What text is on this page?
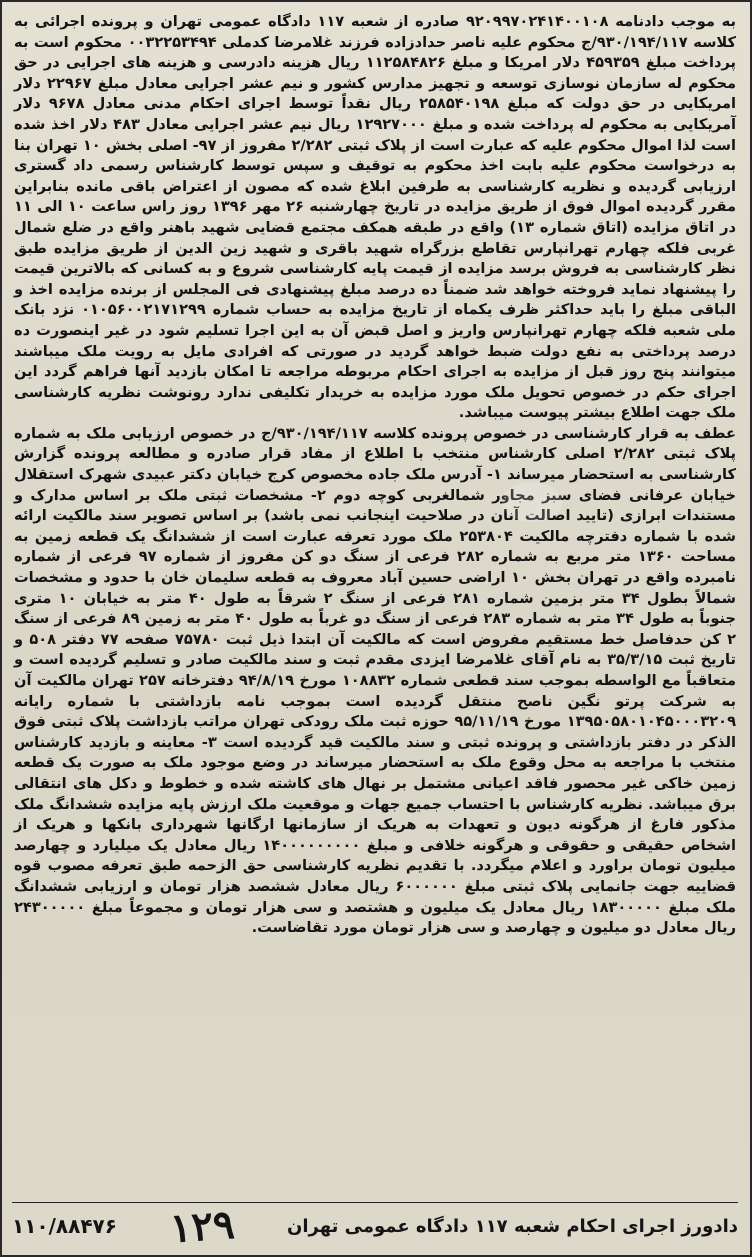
به موجب دادنامه ۹۲۰۹۹۷۰۲۴۱۴۰۰۱۰۸ صادره از شعبه ۱۱۷ دادگاه عمومی تهران و پرونده اجرائی به کلاسه ۹۳۰/۱۹۴/۱۱۷/ج محکوم علیه ناصر حدادزاده فرزند غلامرضا کدملی ۰۰۳۲۲۵۳۴۹۴ محکوم است به پرداخت مبلغ ۴۵۹۳۵۹ دلار امریکا و مبلغ ۱۱۲۵۸۴۸۲۶ ریال هزینه دادرسی و هزینه های اجرایی در حق محکوم له سازمان نوسازی توسعه و تجهیز مدارس کشور و نیم عشر اجرایی معادل مبلغ ۲۲۹۶۷ دلار امریکایی در حق دولت که مبلغ ۲۵۸۵۴۰۱۹۸ ریال نقداً توسط اجرای احکام مدنی معادل ۹۶۷۸ دلار آمریکایی به محکوم له پرداخت شده و مبلغ ۱۲۹۲۷۰۰۰ ریال نیم عشر اجرایی معادل ۴۸۳ دلار اخذ شده است لذا اموال محکوم علیه که عبارت است از پلاک ثبتی ۲/۲۸۲ مفروز از ۹۷- اصلی بخش ۱۰ تهران بنا به درخواست محکوم علیه بابت اخذ محکوم به توقیف و سپس توسط کارشناس رسمی داد گستری ارزیابی گردیده و نظریه کارشناسی به طرفین ابلاغ شده که مصون از اعتراض باقی مانده بنابراین مقرر گردیده اموال فوق از طریق مزایده در تاریخ چهارشنبه ۲۶ مهر ۱۳۹۶ روز راس ساعت ۱۰ الی ۱۱ در اتاق مزایده (اتاق شماره ۱۳) واقع در طبقه همکف مجتمع قضایی شهید باهنر واقع در ضلع شمال غربی فلکه چهارم تهرانپارس تقاطع بزرگراه شهید باقری و شهید زین الدین از طریق مزایده طبق نظر کارشناسی به فروش برسد مزایده از قیمت پایه کارشناسی شروع و به کسانی که بالاترین قیمت را پیشنهاد نماید فروخته خواهد شد ضمناً ده درصد مبلغ پیشنهادی فی المجلس از برنده مزایده اخذ و الباقی مبلغ را باید حداکثر ظرف یکماه از تاریخ مزایده به حساب شماره ۰۱۰۵۶۰۰۲۱۷۱۲۹۹ نزد بانک ملی شعبه فلکه چهارم تهرانپارس واریز و اصل قبض آن به این اجرا تسلیم شود در غیر اینصورت ده درصد پرداختی به نفع دولت ضبط خواهد گردید در صورتی که افرادی مایل به رویت ملک میباشند میتوانند پنج روز قبل از مزایده به اجرای احکام مربوطه مراجعه تا امکان بازدید آنها فراهم گردد این اجرای حکم در خصوص تحویل ملک مورد مزایده به خریدار تکلیفی ندارد رونوشت نظریه کارشناسی ملک جهت اطلاع بیشتر پیوست میباشد.

عطف به قرار کارشناسی در خصوص پرونده کلاسه ۹۳۰/۱۹۴/۱۱۷/ج در خصوص ارزیابی ملک به شماره پلاک ثبتی ۲/۲۸۲ اصلی کارشناس منتخب با اطلاع از مفاد قرار صادره و مطالعه پرونده گزارش کارشناسی به استحضار میرساند ۱- آدرس ملک جاده مخصوص کرج خیابان دکتر عبیدی شهرک استقلال خیابان عرفانی فضای سبز مجاور شمالغربی کوچه دوم ۲- مشخصات ثبتی ملک بر اساس مدارک و مستندات ابرازی (تایید اصالت آنان در صلاحیت اینجانب نمی باشد) بر اساس تصویر سند مالکیت ارائه شده با شماره دفترچه مالکیت ۲۵۳۸۰۴ ملک مورد تعرفه عبارت است از ششدانگ یک قطعه زمین به مساحت ۱۳۶۰ متر مربع به شماره ۲۸۲ فرعی از سنگ دو کن مفروز از شماره ۹۷ فرعی از شماره نامبرده واقع در تهران بخش ۱۰ اراضی حسین آباد معروف به قطعه سلیمان خان با حدود و مشخصات شمالاً بطول ۳۴ متر بزمین شماره ۲۸۱ فرعی از سنگ ۲ شرقاً به طول ۴۰ متر به خیابان ۱۰ متری جنوباً به طول ۳۴ متر به شماره ۲۸۳ فرعی از سنگ دو غرباً به طول ۴۰ متر به زمین ۸۹ فرعی از سنگ ۲ کن حدفاصل خط مستقیم مفروض است که مالکیت آن ابتدا ذیل ثبت ۷۵۷۸۰ صفحه ۷۷ دفتر ۵۰۸ و تاریخ ثبت ۳۵/۳/۱۵ به نام آقای غلامرضا ایزدی مقدم ثبت و سند مالکیت صادر و تسلیم گردیده است و متعاقباً مع الواسطه بموجب سند قطعی شماره ۱۰۸۸۳۲ مورخ ۹۴/۸/۱۹ دفترخانه ۲۵۷ تهران مالکیت آن به شرکت پرتو نگین ناصح منتقل گردیده است بموجب نامه بازداشتی با شماره رایانه ۱۳۹۵۰۵۸۰۱۰۴۵۰۰۰۳۲۰۹ مورخ ۹۵/۱۱/۱۹ حوزه ثبت ملک رودکی تهران مراتب بازداشت پلاک ثبتی فوق الذکر در دفتر بازداشتی و پرونده ثبتی و سند مالکیت قید گردیده است ۳- معاینه و بازدید کارشناس منتخب با مراجعه به محل وقوع ملک به استحضار میرساند در وضع موجود ملک به صورت یک قطعه زمین خاکی غیر محصور فاقد اعیانی مشتمل بر نهال های کاشته شده و خطوط و دکل های انتقالی برق میباشد. نظریه کارشناس با احتساب جمیع جهات و موقعیت ملک ارزش پایه مزایده ششدانگ ملک مذکور فارغ از هرگونه دیون و تعهدات به هریک از سازمانها ارگانها شهرداری بانکها و هریک از اشخاص حقیقی و حقوقی و هرگونه خلافی و مبلغ ۱۴۰۰۰۰۰۰۰۰۰ ریال معادل یک میلیارد و چهارصد میلیون تومان براورد و اعلام میگردد. با تقدیم نظریه کارشناسی حق الزحمه طبق تعرفه مصوب قوه قضاییه جهت جانمایی پلاک ثبتی مبلغ ۶۰۰۰۰۰۰ ریال معادل ششصد هزار تومان و ارزیابی ششدانگ ملک مبلغ ۱۸۳۰۰۰۰۰ ریال معادل یک میلیون و هشتصد و سی هزار تومان و مجموعاً مبلغ ۲۴۳۰۰۰۰۰ ریال معادل دو میلیون و چهارصد و سی هزار تومان مورد تقاضاست.

دادورز اجرای احکام شعبه ۱۱۷ دادگاه عمومی تهران
۱۲۹
۱۱۰/۸۸۴۷۶
